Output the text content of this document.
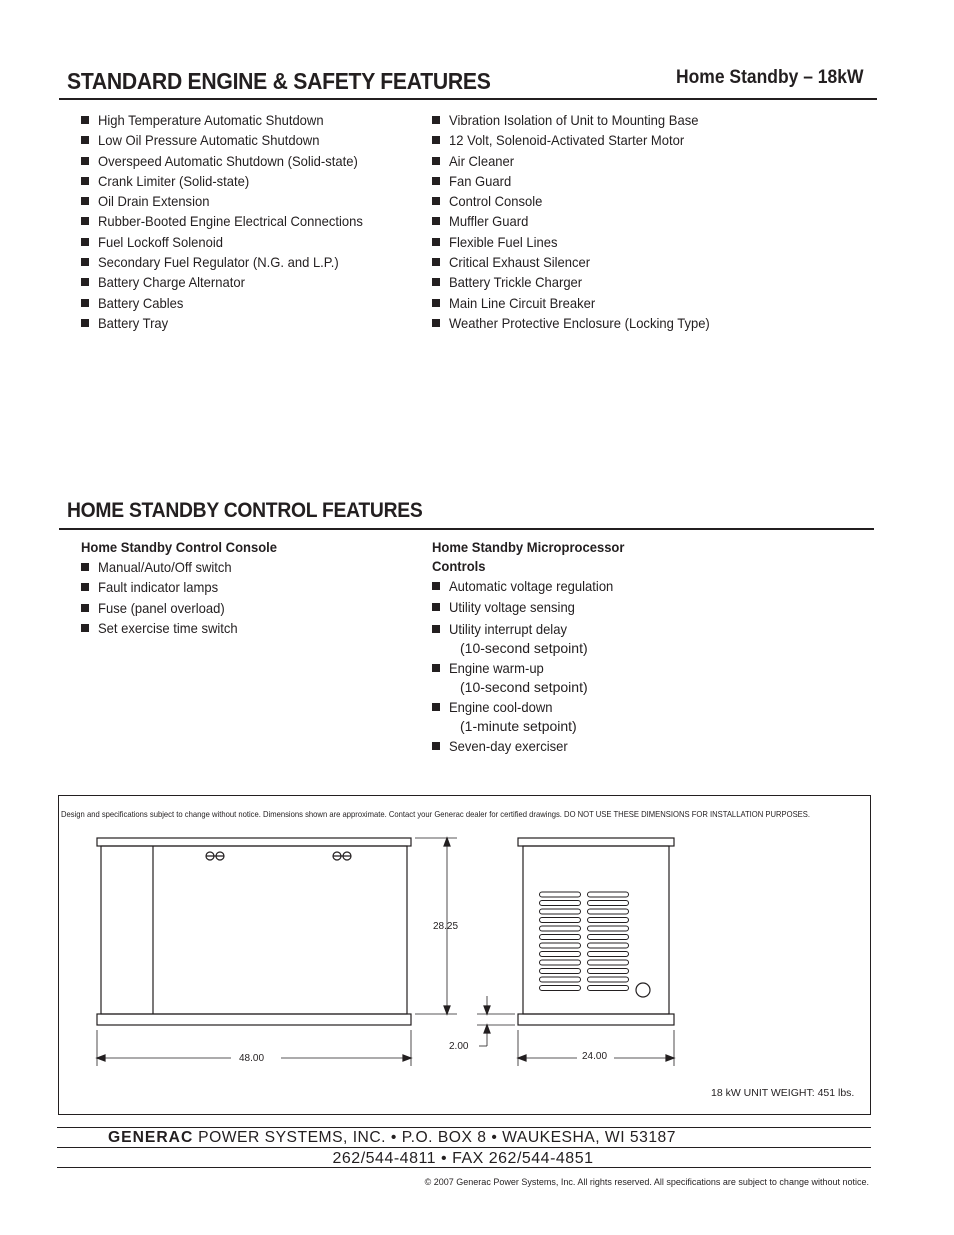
STANDARD ENGINE & SAFETY FEATURES	Home Standby – 18kW
High Temperature Automatic Shutdown
Low Oil Pressure Automatic Shutdown
Overspeed Automatic Shutdown (Solid-state)
Crank Limiter (Solid-state)
Oil Drain Extension
Rubber-Booted Engine Electrical Connections
Fuel Lockoff Solenoid
Secondary Fuel Regulator (N.G. and L.P.)
Battery Charge Alternator
Battery Cables
Battery Tray
Vibration Isolation of Unit to Mounting Base
12 Volt, Solenoid-Activated Starter Motor
Air Cleaner
Fan Guard
Control Console
Muffler Guard
Flexible Fuel Lines
Critical Exhaust Silencer
Battery Trickle Charger
Main Line Circuit Breaker
Weather Protective Enclosure (Locking Type)
HOME STANDBY CONTROL FEATURES
Home Standby Control Console
Manual/Auto/Off switch
Fault indicator lamps
Fuse (panel overload)
Set exercise time switch
Home Standby Microprocessor
Controls
Automatic voltage regulation
Utility voltage sensing
Utility interrupt delay
(10-second setpoint)
Engine warm-up
(10-second setpoint)
Engine cool-down
(1-minute setpoint)
Seven-day exerciser
Design and specifications subject to change without notice. Dimensions shown are approximate. Contact your Generac dealer for certified drawings. DO NOT USE THESE DIMENSIONS FOR INSTALLATION PURPOSES.
28.25
2.00
48.00	24.00
18 kW UNIT WEIGHT: 451 lbs.
GENERAC POWER SYSTEMS, INC. • P.O. BOX 8 • WAUKESHA, WI 53187
262/544-4811 • FAX 262/544-4851
© 2007 Generac Power Systems, Inc. All rights reserved. All specifications are subject to change without notice.
